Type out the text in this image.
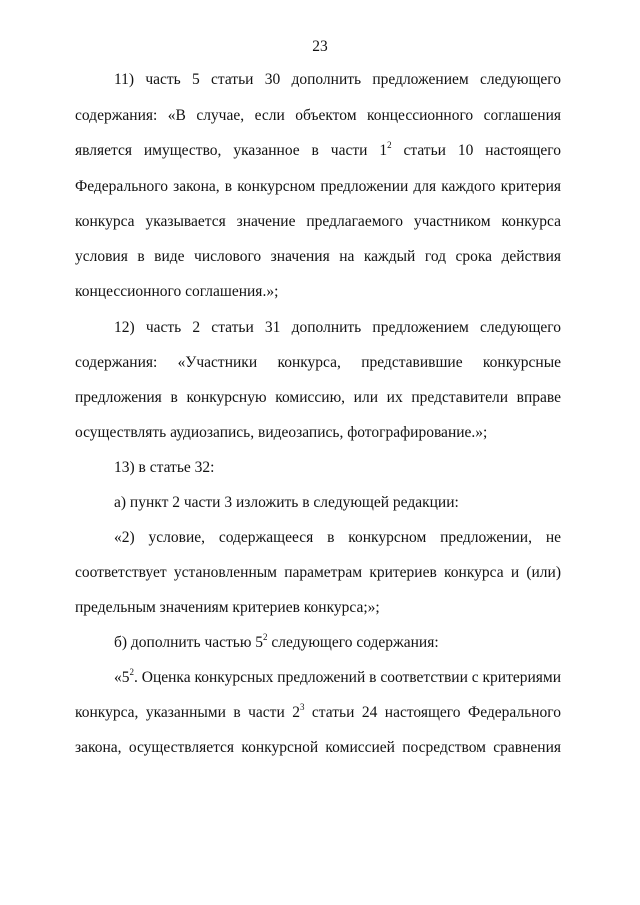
23
11) часть 5 статьи 30 дополнить предложением следующего
содержания: «В случае, если объектом концессионного соглашения
является имущество, указанное в части $1^2$ статьи 10 настоящего
Федерального закона, в конкурсном предложении для каждого критерия
конкурса указывается значение предлагаемого участником конкурса
условия в виде числового значения на каждый год срока действия
концессионного соглашения.»;
12) часть 2 статьи 31 дополнить предложением следующего
содержания: «Участники конкурса, представившие конкурсные
предложения в конкурсную комиссию, или их представители вправе
осуществлять аудиозапись, видеозапись, фотографирование.»;
13) в статье 32:
а) пункт 2 части 3 изложить в следующей редакции:
«2) условие, содержащееся в конкурсном предложении, не
соответствует установленным параметрам критериев конкурса и (или)
предельным значениям критериев конкурса;»;
б) дополнить частью $5^2$ следующего содержания:
«$5^2$. Оценка конкурсных предложений в соответствии с критериями
конкурса, указанными в части $2^3$ статьи 24 настоящего Федерального
закона, осуществляется конкурсной комиссией посредством сравнения
